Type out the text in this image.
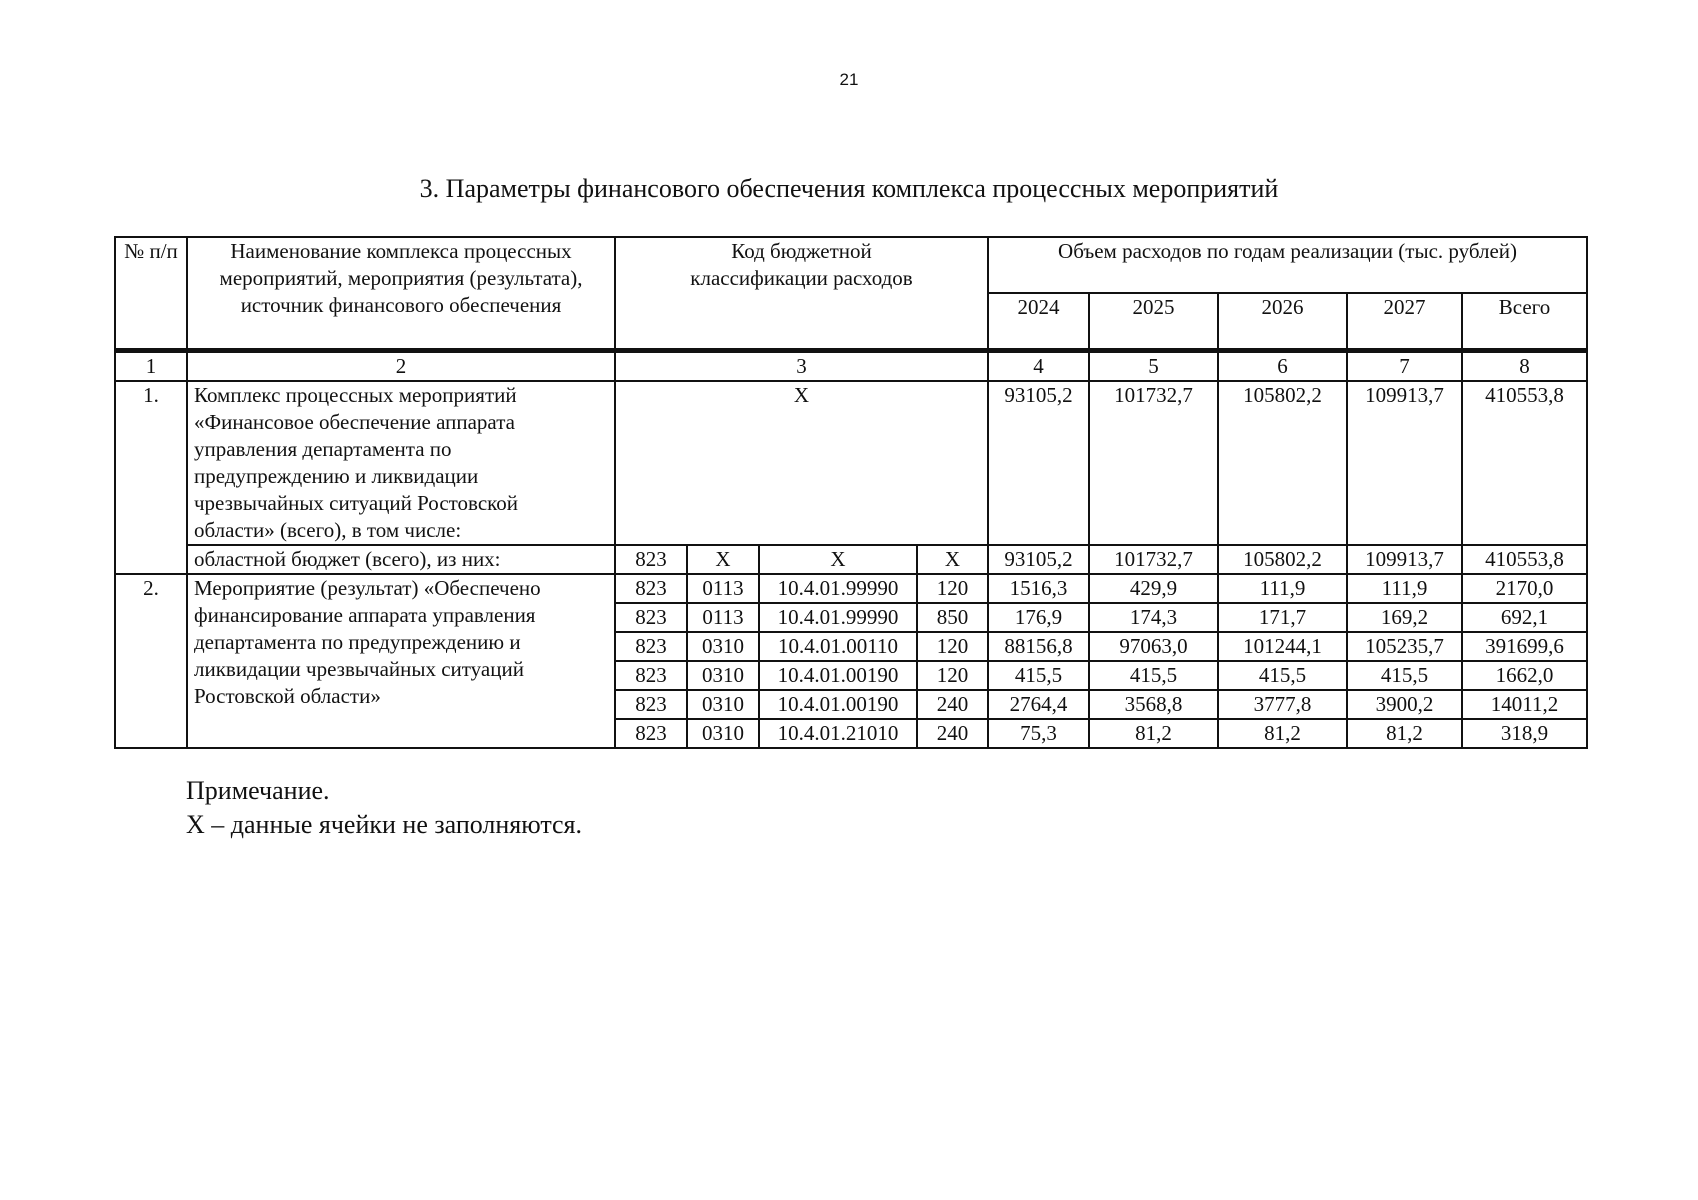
21
3. Параметры финансового обеспечения комплекса процессных мероприятий
№ п/п	Наименование комплекса процессных мероприятий, мероприятия (результата), источник финансового обеспечения	Код бюджетной классификации расходов				Объем расходов по годам реализации (тыс. рублей)				
						2024	2025	2026	2027	Всего
1	2	3				4	5	6	7	8
1.	Комплекс процессных мероприятий «Финансовое обеспечение аппарата управления департамента по предупреждению и ликвидации чрезвычайных ситуаций Ростовской области» (всего), в том числе:	X				93105,2	101732,7	105802,2	109913,7	410553,8
	областной бюджет (всего), из них:	823	X	X	X	93105,2	101732,7	105802,2	109913,7	410553,8
2.	Мероприятие (результат) «Обеспечено финансирование аппарата управления департамента по предупреждению и ликвидации чрезвычайных ситуаций Ростовской области»	823	0113	10.4.01.99990	120	1516,3	429,9	111,9	111,9	2170,0
		823	0113	10.4.01.99990	850	176,9	174,3	171,7	169,2	692,1
		823	0310	10.4.01.00110	120	88156,8	97063,0	101244,1	105235,7	391699,6
		823	0310	10.4.01.00190	120	415,5	415,5	415,5	415,5	1662,0
		823	0310	10.4.01.00190	240	2764,4	3568,8	3777,8	3900,2	14011,2
		823	0310	10.4.01.21010	240	75,3	81,2	81,2	81,2	318,9
Примечание.
X – данные ячейки не заполняются.
